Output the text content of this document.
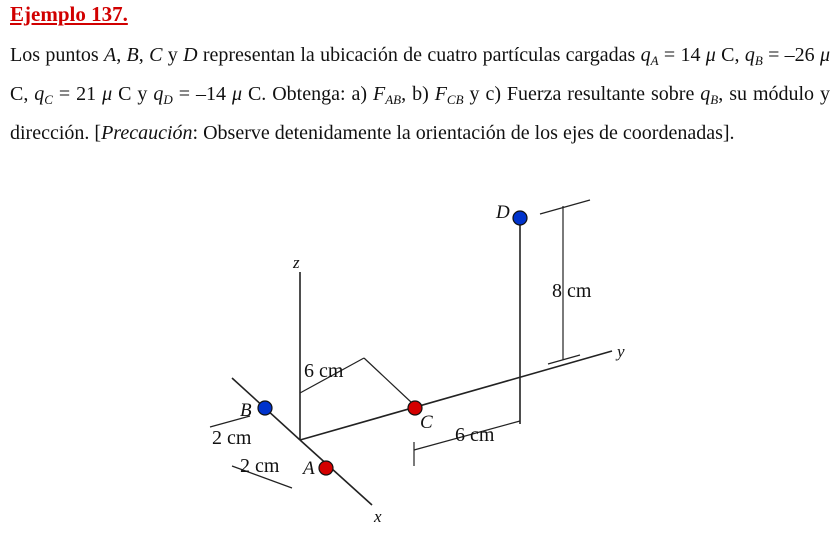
Ejemplo 137.
Los puntos A, B, C y D representan la ubicación de cuatro partículas cargadas $q_A = 14$ μ C, $q_B = -26$ μ C, $q_C = 21$ μ C y $q_D = -14$ μ C. Obtenga: a) $F_{AB}$, b) $F_{CB}$ y c) Fuerza resultante sobre $q_B$, su módulo y dirección. [Precaución: Observe detenidamente la orientación de los ejes de coordenadas].
z
y
x
D
B
C
A
8 cm
6 cm
6 cm
2 cm
2 cm
